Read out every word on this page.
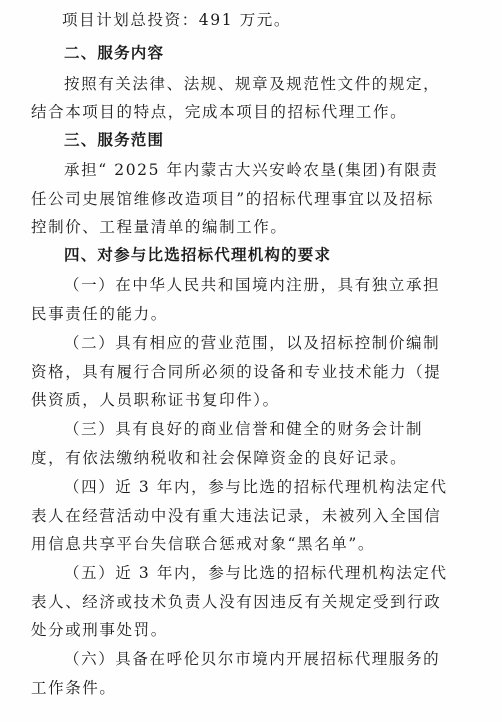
项目计划总投资：491 万元。
二、服务内容
按照有关法律、法规、规章及规范性文件的规定，
结合本项目的特点，完成本项目的招标代理工作。
三、服务范围
承担“ 2025 年内蒙古大兴安岭农垦(集团)有限责
任公司史展馆维修改造项目”的招标代理事宜以及招标
控制价、工程量清单的编制工作。
四、对参与比选招标代理机构的要求
（一）在中华人民共和国境内注册，具有独立承担
民事责任的能力。
（二）具有相应的营业范围，以及招标控制价编制
资格，具有履行合同所必须的设备和专业技术能力（提
供资质，人员职称证书复印件）。
（三）具有良好的商业信誉和健全的财务会计制
度，有依法缴纳税收和社会保障资金的良好记录。
（四）近 3 年内，参与比选的招标代理机构法定代
表人在经营活动中没有重大违法记录，未被列入全国信
用信息共享平台失信联合惩戒对象“黑名单”。
（五）近 3 年内，参与比选的招标代理机构法定代
表人、经济或技术负责人没有因违反有关规定受到行政
处分或刑事处罚。
（六）具备在呼伦贝尔市境内开展招标代理服务的
工作条件。
